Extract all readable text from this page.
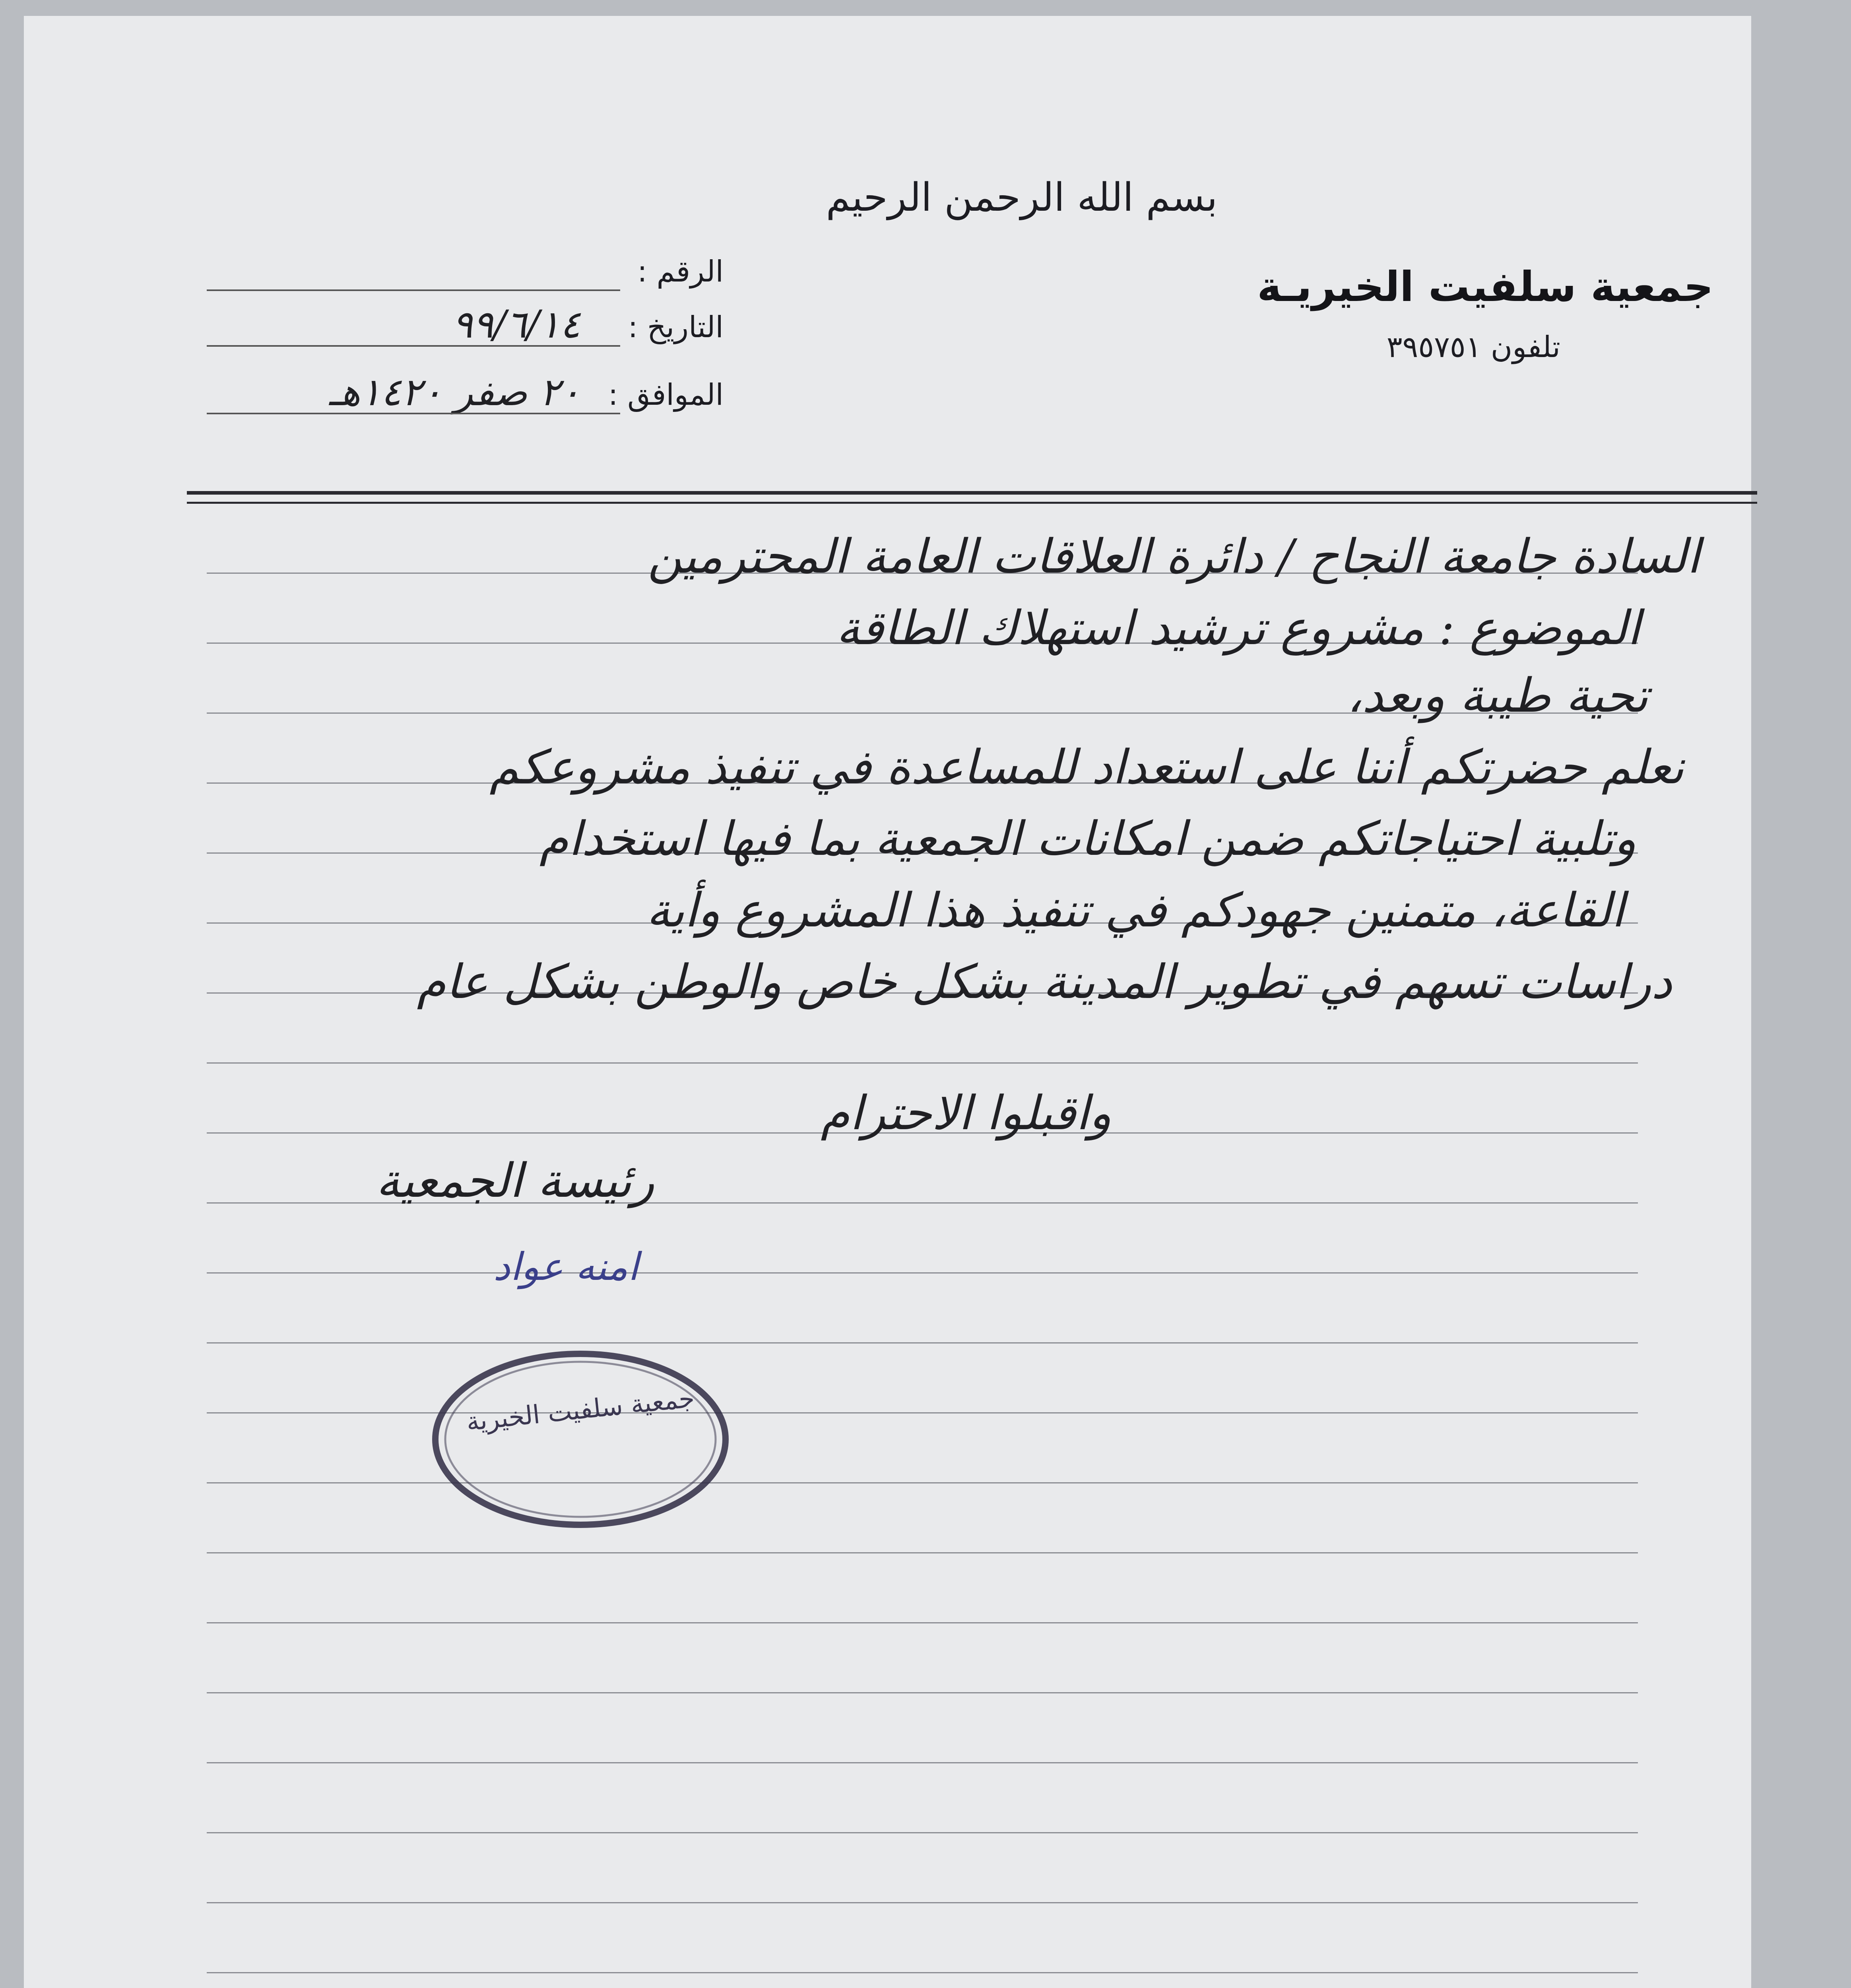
بسم الله الرحمن الرحيم
جمعية سلفيت الخيريـة
تلفون ٣٩٥٧٥١
الرقم :
التاريخ :
٩٩/٦/١٤
الموافق :
٢٠ صفر ١٤٢٠هـ
السادة جامعة النجاح / دائرة العلاقات العامة المحترمين
الموضوع : مشروع ترشيد استهلاك الطاقة
تحية طيبة وبعد،
نعلم حضرتكم أننا على استعداد للمساعدة في تنفيذ مشروعكم
وتلبية احتياجاتكم ضمن امكانات الجمعية بما فيها استخدام
القاعة، متمنين جهودكم في تنفيذ هذا المشروع وأية
دراسات تسهم في تطوير المدينة بشكل خاص والوطن بشكل عام
واقبلوا الاحترام
رئيسة الجمعية
امنه عواد
جمعية سلفيت الخيرية
